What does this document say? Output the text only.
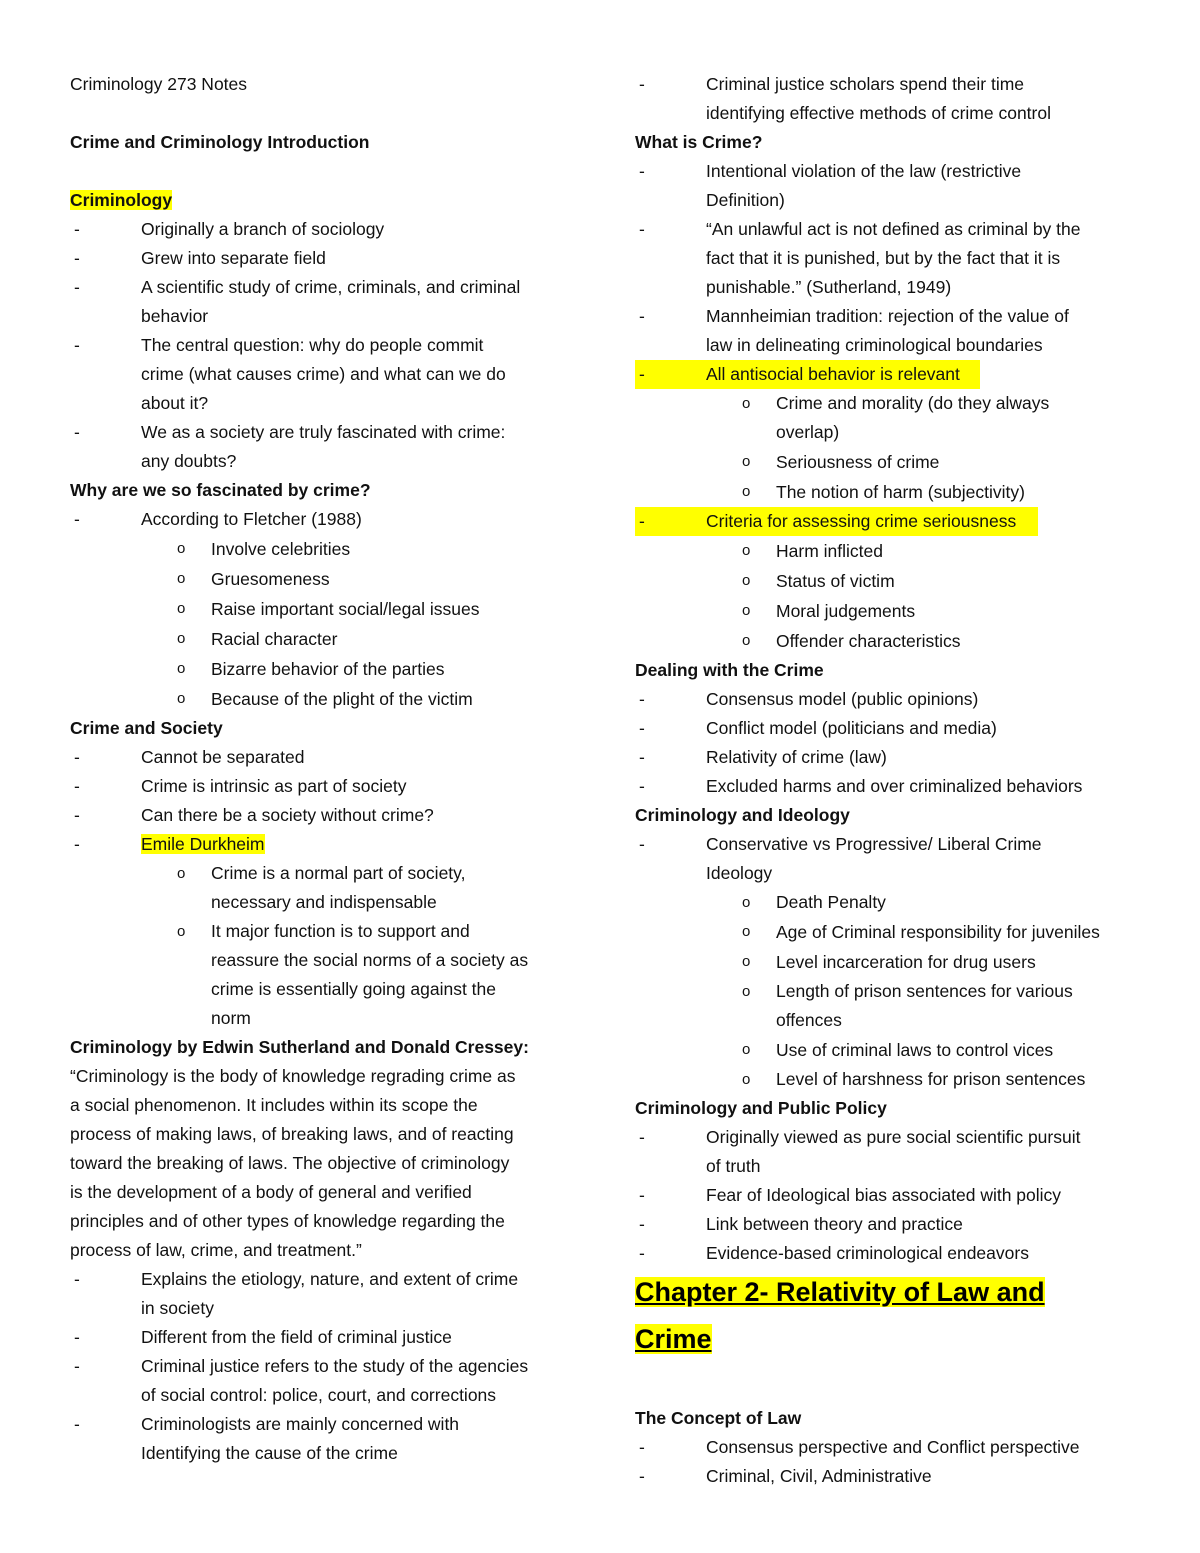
Criminology 273 Notes
Crime and Criminology Introduction
Criminology
- Originally a branch of sociology
- Grew into separate field
- A scientific study of crime, criminals, and criminal
behavior
- The central question: why do people commit
crime (what causes crime) and what can we do
about it?
- We as a society are truly fascinated with crime:
any doubts?
Why are we so fascinated by crime?
- According to Fletcher (1988)
o Involve celebrities
o Gruesomeness
o Raise important social/legal issues
o Racial character
o Bizarre behavior of the parties
o Because of the plight of the victim
Crime and Society
- Cannot be separated
- Crime is intrinsic as part of society
- Can there be a society without crime?
- Emile Durkheim
o Crime is a normal part of society,
necessary and indispensable
o It major function is to support and
reassure the social norms of a society as
crime is essentially going against the
norm
Criminology by Edwin Sutherland and Donald Cressey:
“Criminology is the body of knowledge regrading crime as
a social phenomenon. It includes within its scope the
process of making laws, of breaking laws, and of reacting
toward the breaking of laws. The objective of criminology
is the development of a body of general and verified
principles and of other types of knowledge regarding the
process of law, crime, and treatment.”
- Explains the etiology, nature, and extent of crime
in society
- Different from the field of criminal justice
- Criminal justice refers to the study of the agencies
of social control: police, court, and corrections
- Criminologists are mainly concerned with
Identifying the cause of the crime
- Criminal justice scholars spend their time
identifying effective methods of crime control
What is Crime?
- Intentional violation of the law (restrictive
Definition)
- “An unlawful act is not defined as criminal by the
fact that it is punished, but by the fact that it is
punishable.” (Sutherland, 1949)
- Mannheimian tradition: rejection of the value of
law in delineating criminological boundaries
- All antisocial behavior is relevant
o Crime and morality (do they always
overlap)
o Seriousness of crime
o The notion of harm (subjectivity)
- Criteria for assessing crime seriousness
o Harm inflicted
o Status of victim
o Moral judgements
o Offender characteristics
Dealing with the Crime
- Consensus model (public opinions)
- Conflict model (politicians and media)
- Relativity of crime (law)
- Excluded harms and over criminalized behaviors
Criminology and Ideology
- Conservative vs Progressive/ Liberal Crime
Ideology
o Death Penalty
o Age of Criminal responsibility for juveniles
o Level incarceration for drug users
o Length of prison sentences for various
offences
o Use of criminal laws to control vices
o Level of harshness for prison sentences
Criminology and Public Policy
- Originally viewed as pure social scientific pursuit
of truth
- Fear of Ideological bias associated with policy
- Link between theory and practice
- Evidence-based criminological endeavors
Chapter 2- Relativity of Law and
Crime
The Concept of Law
- Consensus perspective and Conflict perspective
- Criminal, Civil, Administrative
